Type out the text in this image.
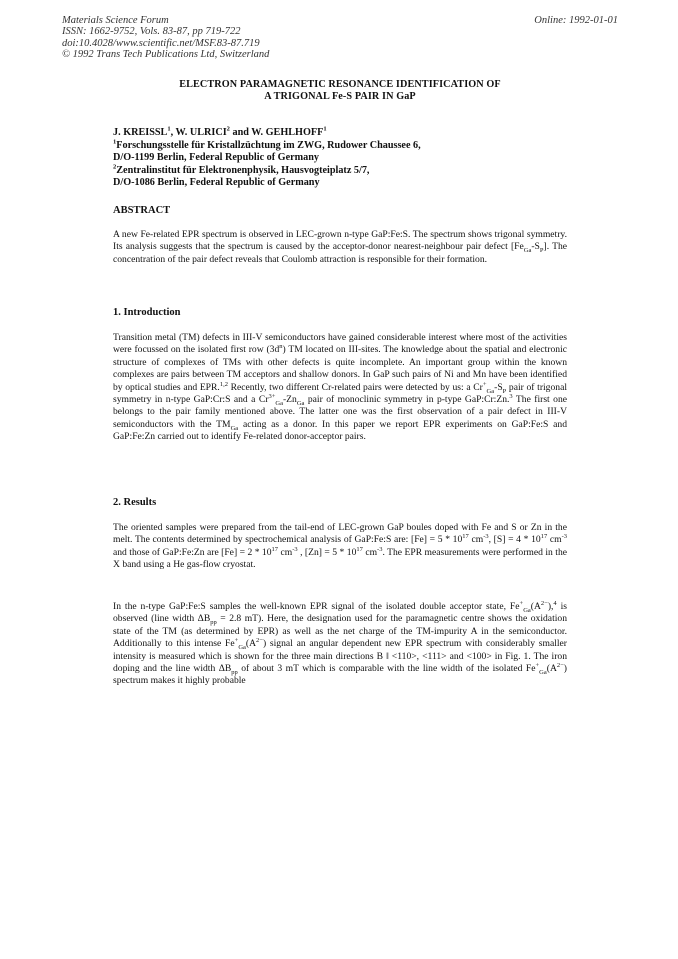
Materials Science Forum
ISSN: 1662-9752, Vols. 83-87, pp 719-722
doi:10.4028/www.scientific.net/MSF.83-87.719
© 1992 Trans Tech Publications Ltd, Switzerland
Online: 1992-01-01
ELECTRON PARAMAGNETIC RESONANCE IDENTIFICATION OF
A TRIGONAL Fe-S PAIR IN GaP
J. KREISSL$^1$, W. ULRICI$^2$ and W. GEHLHOFF$^1$
$^1$Forschungsstelle für Kristallzüchtung im ZWG, Rudower Chaussee 6,
D/O-1199 Berlin, Federal Republic of Germany
$^2$Zentralinstitut für Elektronenphysik, Hausvogteiplatz 5/7,
D/O-1086 Berlin, Federal Republic of Germany
ABSTRACT

A new Fe-related EPR spectrum is observed in LEC-grown n-type GaP:Fe:S. The spectrum shows trigonal symmetry. Its analysis suggests that the spectrum is caused by the acceptor-donor nearest-neighbour pair defect $[Fe_{Ga}-S_P]$. The concentration of the pair defect reveals that Coulomb attraction is responsible for their formation.

1. Introduction

Transition metal (TM) defects in III-V semiconductors have gained considerable interest where most of the activities were focussed on the isolated first row $(3d^n)$ TM located on III-sites. The knowledge about the spatial and electronic structure of complexes of TMs with other defects is quite incomplete. An important group within the known complexes are pairs between TM acceptors and shallow donors. In GaP such pairs of Ni and Mn have been identified by optical studies and EPR.$^{1,2}$ Recently, two different Cr-related pairs were detected by us: a $Cr^+_{Ga}-S_P$ pair of trigonal symmetry in n-type GaP:Cr:S and a $Cr^{3+}_{Ga}-Zn_{Ga}$ pair of monoclinic symmetry in p-type GaP:Cr:Zn.$^3$ The first one belongs to the pair family mentioned above. The latter one was the first observation of a pair defect in III-V semiconductors with the $TM_{Ga}$ acting as a donor. In this paper we report EPR experiments on GaP:Fe:S and GaP:Fe:Zn carried out to identify Fe-related donor-acceptor pairs.

2. Results

The oriented samples were prepared from the tail-end of LEC-grown GaP boules doped with Fe and S or Zn in the melt. The contents determined by spectrochemical analysis of GaP:Fe:S are: $[Fe] = 5 * 10^{17}$ $cm^{-3}$, $[S] = 4 * 10^{17}$ $cm^{-3}$ and those of GaP:Fe:Zn are $[Fe] = 2 * 10^{17}$ $cm^{-3}$ , $[Zn] = 5 * 10^{17}$ $cm^{-3}$. The EPR measurements were performed in the X band using a He gas-flow cryostat.

In the n-type GaP:Fe:S samples the well-known EPR signal of the isolated double acceptor state, $Fe^+_{Ga}(A^{2-}),^4$ is observed (line width $\Delta B_{pp} = 2.8$ mT). Here, the designation used for the paramagnetic centre shows the oxidation state of the TM (as determined by EPR) as well as the net charge of the TM-impurity A in the semiconductor. Additionally to this intense $Fe^+_{Ga}(A^{2-})$ signal an angular dependent new EPR spectrum with considerably smaller intensity is measured which is shown for the three main directions B ‖ <110>, <111> and <100> in Fig. 1. The iron doping and the line width $\Delta B_{pp}$ of about 3 mT which is comparable with the line width of the isolated $Fe^+_{Ga}(A^{2-})$ spectrum makes it highly probable
